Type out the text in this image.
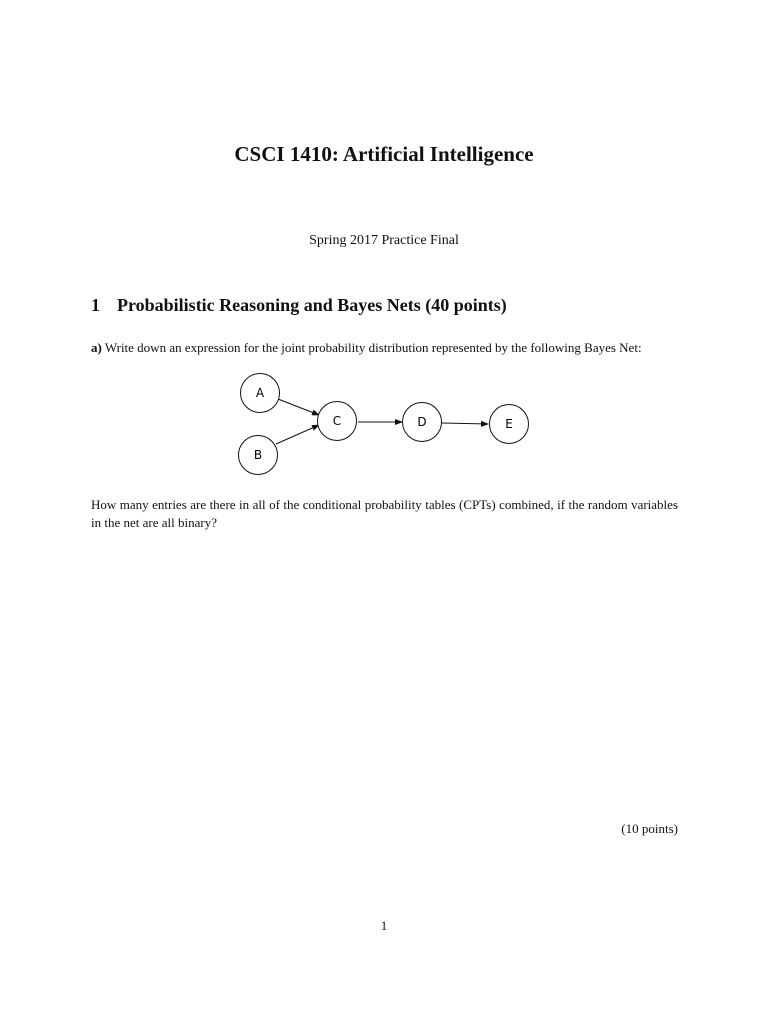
CSCI 1410: Artificial Intelligence
Spring 2017 Practice Final
1 Probabilistic Reasoning and Bayes Nets (40 points)
a) Write down an expression for the joint probability distribution represented by the following Bayes Net:
A
B
C	D	E
How many entries are there in all of the conditional probability tables (CPTs) combined, if the random variables in the net are all binary?
(10 points)
1
